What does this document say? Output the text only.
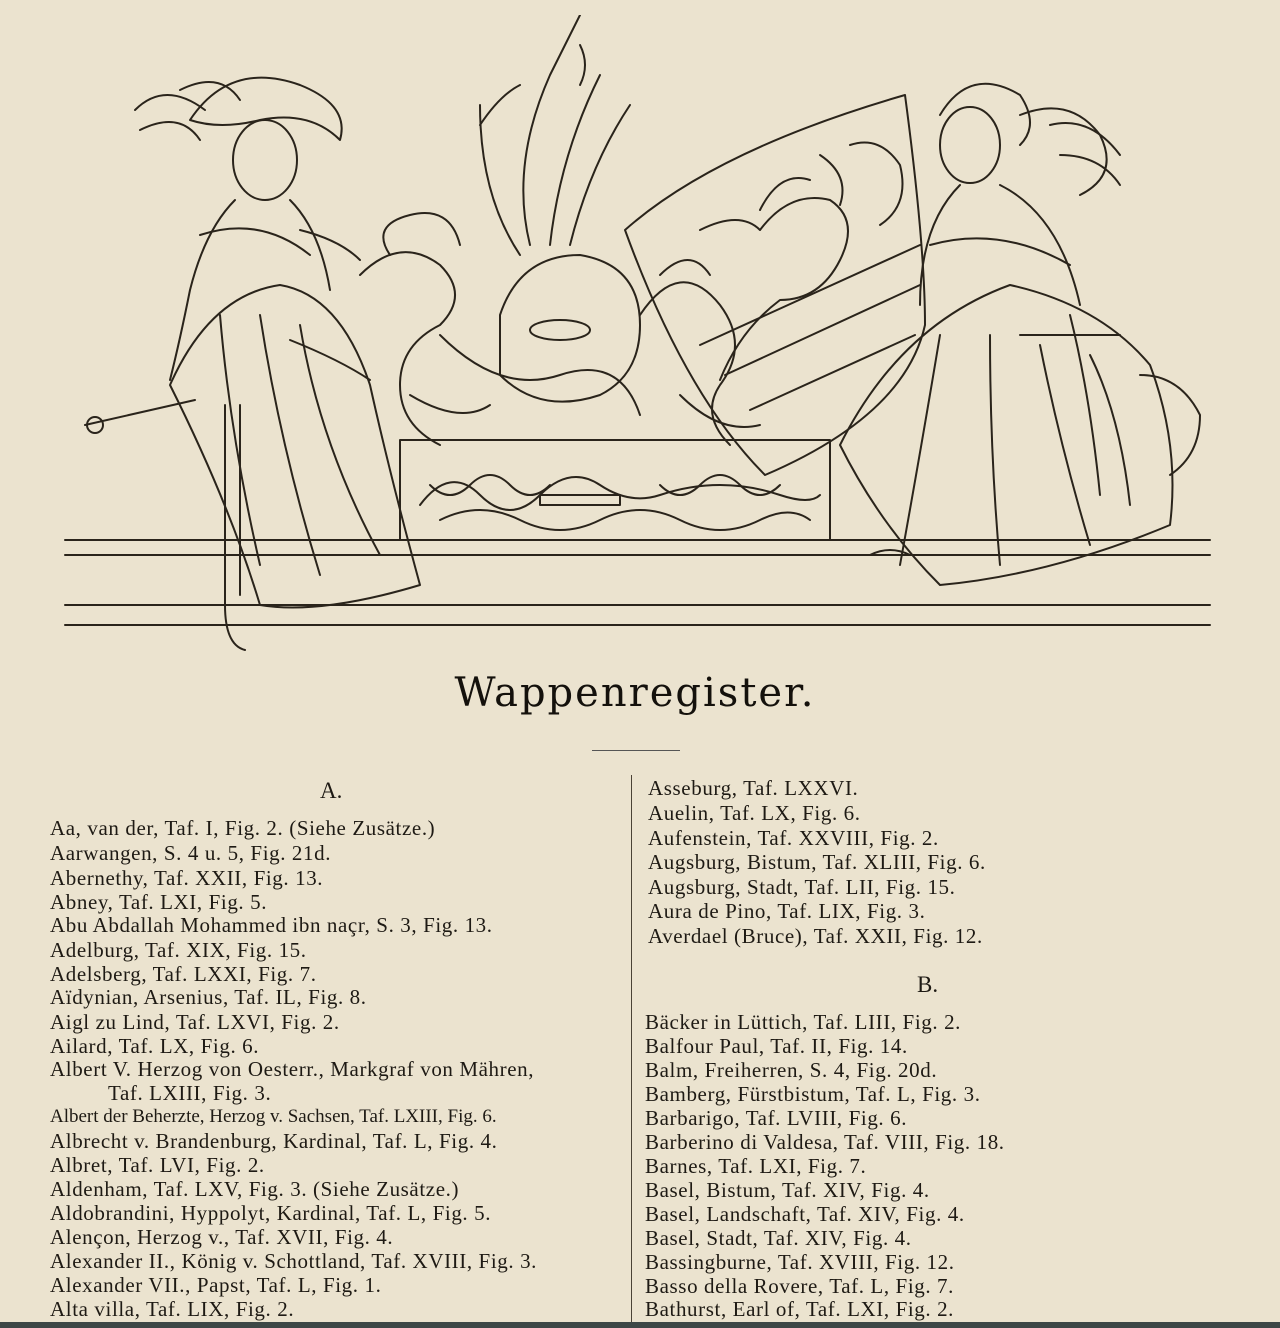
Wappenregister.
A.
Aa, van der, Taf. I, Fig. 2. (Siehe Zusätze.)
Aarwangen, S. 4 u. 5, Fig. 21d.
Abernethy, Taf. XXII, Fig. 13.
Abney, Taf. LXI, Fig. 5.
Abu Abdallah Mohammed ibn naçr, S. 3, Fig. 13.
Adelburg, Taf. XIX, Fig. 15.
Adelsberg, Taf. LXXI, Fig. 7.
Aïdynian, Arsenius, Taf. IL, Fig. 8.
Aigl zu Lind, Taf. LXVI, Fig. 2.
Ailard, Taf. LX, Fig. 6.
Albert V. Herzog von Oesterr., Markgraf von Mähren,
Taf. LXIII, Fig. 3.
Albert der Beherzte, Herzog v. Sachsen, Taf. LXIII, Fig. 6.
Albrecht v. Brandenburg, Kardinal, Taf. L, Fig. 4.
Albret, Taf. LVI, Fig. 2.
Aldenham, Taf. LXV, Fig. 3. (Siehe Zusätze.)
Aldobrandini, Hyppolyt, Kardinal, Taf. L, Fig. 5.
Alençon, Herzog v., Taf. XVII, Fig. 4.
Alexander II., König v. Schottland, Taf. XVIII, Fig. 3.
Alexander VII., Papst, Taf. L, Fig. 1.
Alta villa, Taf. LIX, Fig. 2.
Asseburg, Taf. LXXVI.
Auelin, Taf. LX, Fig. 6.
Aufenstein, Taf. XXVIII, Fig. 2.
Augsburg, Bistum, Taf. XLIII, Fig. 6.
Augsburg, Stadt, Taf. LII, Fig. 15.
Aura de Pino, Taf. LIX, Fig. 3.
Averdael (Bruce), Taf. XXII, Fig. 12.
B.
Bäcker in Lüttich, Taf. LIII, Fig. 2.
Balfour Paul, Taf. II, Fig. 14.
Balm, Freiherren, S. 4, Fig. 20d.
Bamberg, Fürstbistum, Taf. L, Fig. 3.
Barbarigo, Taf. LVIII, Fig. 6.
Barberino di Valdesa, Taf. VIII, Fig. 18.
Barnes, Taf. LXI, Fig. 7.
Basel, Bistum, Taf. XIV, Fig. 4.
Basel, Landschaft, Taf. XIV, Fig. 4.
Basel, Stadt, Taf. XIV, Fig. 4.
Bassingburne, Taf. XVIII, Fig. 12.
Basso della Rovere, Taf. L, Fig. 7.
Bathurst, Earl of, Taf. LXI, Fig. 2.
